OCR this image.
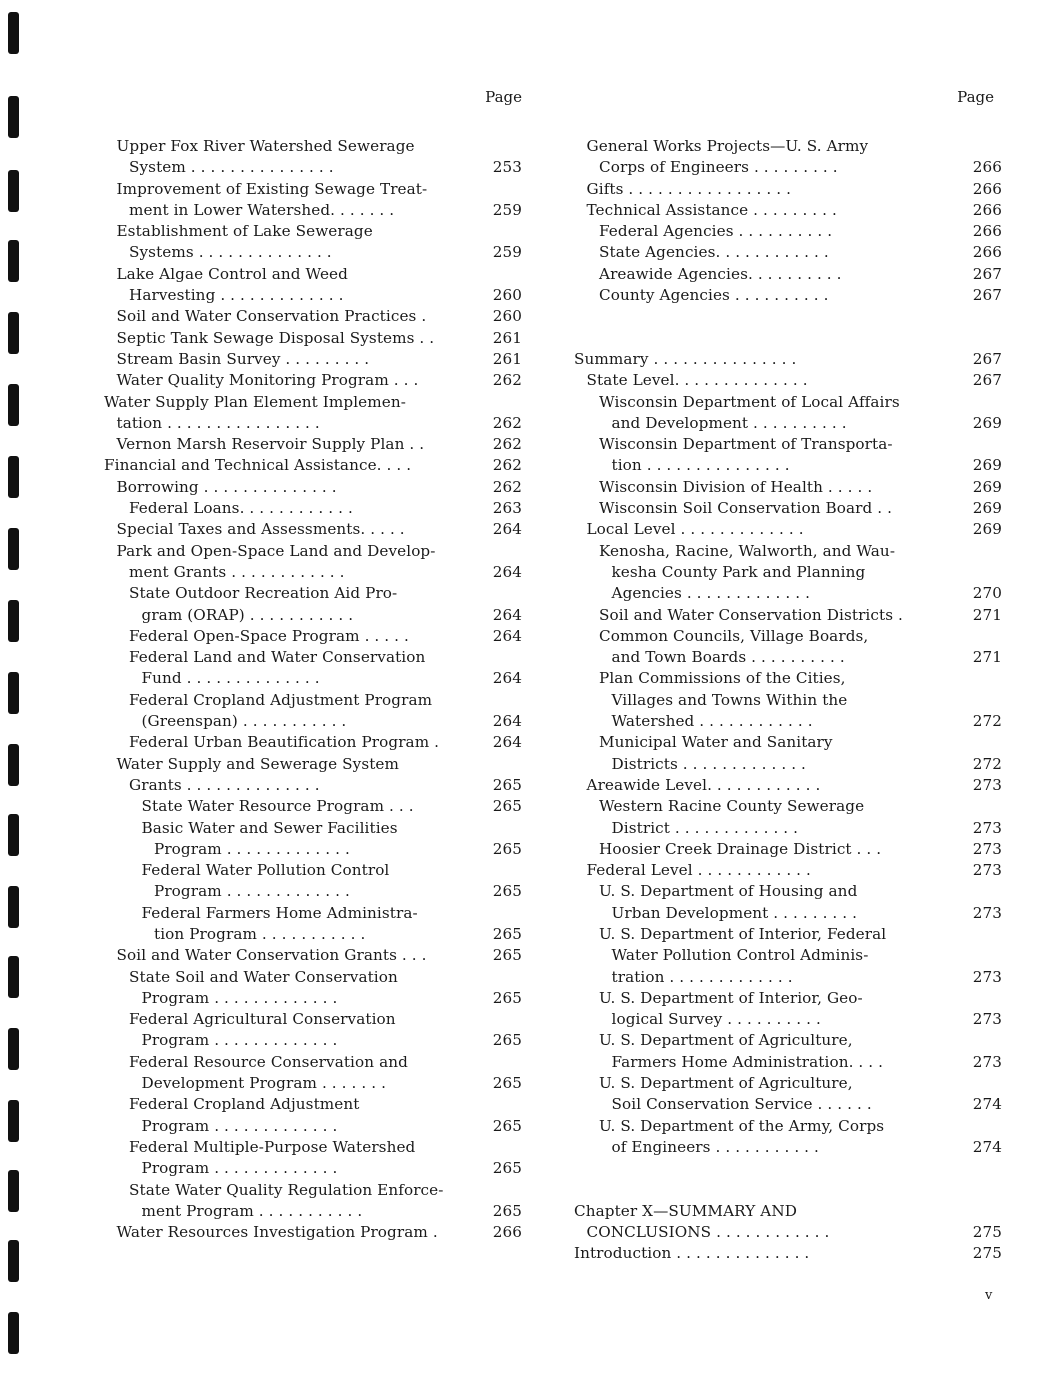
Page
Upper Fox River Watershed Sewerage
System . . . . . . . . . . . . . . .	253
Improvement of Existing Sewage Treat-
ment in Lower Watershed. . . . . . .	259
Establishment of Lake Sewerage
Systems . . . . . . . . . . . . . .	259
Lake Algae Control and Weed
Harvesting . . . . . . . . . . . . .	260
Soil and Water Conservation Practices .	260
Septic Tank Sewage Disposal Systems . .	261
Stream Basin Survey . . . . . . . . .	261
Water Quality Monitoring Program . . .	262
Water Supply Plan Element Implemen-
tation . . . . . . . . . . . . . . . .	262
Vernon Marsh Reservoir Supply Plan . .	262
Financial and Technical Assistance. . . .	262
Borrowing . . . . . . . . . . . . . .	262
Federal Loans. . . . . . . . . . . .	263
Special Taxes and Assessments. . . . .	264
Park and Open-Space Land and Develop-
ment Grants . . . . . . . . . . . .	264
State Outdoor Recreation Aid Pro-
gram (ORAP) . . . . . . . . . . .	264
Federal Open-Space Program . . . . .	264
Federal Land and Water Conservation
Fund . . . . . . . . . . . . . .	264
Federal Cropland Adjustment Program
(Greenspan) . . . . . . . . . . .	264
Federal Urban Beautification Program .	264
Water Supply and Sewerage System
Grants . . . . . . . . . . . . . .	265
State Water Resource Program . . .	265
Basic Water and Sewer Facilities
Program . . . . . . . . . . . . .	265
Federal Water Pollution Control
Program . . . . . . . . . . . . .	265
Federal Farmers Home Administra-
tion Program . . . . . . . . . . .	265
Soil and Water Conservation Grants . . .	265
State Soil and Water Conservation
Program . . . . . . . . . . . . .	265
Federal Agricultural Conservation
Program . . . . . . . . . . . . .	265
Federal Resource Conservation and
Development Program . . . . . . .	265
Federal Cropland Adjustment
Program . . . . . . . . . . . . .	265
Federal Multiple-Purpose Watershed
Program . . . . . . . . . . . . .	265
State Water Quality Regulation Enforce-
ment Program . . . . . . . . . . .	265
Water Resources Investigation Program .	266
Page
General Works Projects—U. S. Army
Corps of Engineers . . . . . . . . .	266
Gifts . . . . . . . . . . . . . . . . .	266
Technical Assistance . . . . . . . . .	266
Federal Agencies . . . . . . . . . .	266
State Agencies. . . . . . . . . . . .	266
Areawide Agencies. . . . . . . . . .	267
County Agencies . . . . . . . . . .	267
Summary . . . . . . . . . . . . . . .	267
State Level. . . . . . . . . . . . . .	267
Wisconsin Department of Local Affairs
and Development . . . . . . . . . .	269
Wisconsin Department of Transporta-
tion . . . . . . . . . . . . . . .	269
Wisconsin Division of Health . . . . .	269
Wisconsin Soil Conservation Board . .	269
Local Level . . . . . . . . . . . . .	269
Kenosha, Racine, Walworth, and Wau-
kesha County Park and Planning
Agencies . . . . . . . . . . . . .	270
Soil and Water Conservation Districts .	271
Common Councils, Village Boards,
and Town Boards . . . . . . . . . .	271
Plan Commissions of the Cities,
Villages and Towns Within the
Watershed . . . . . . . . . . . .	272
Municipal Water and Sanitary
Districts . . . . . . . . . . . . .	272
Areawide Level. . . . . . . . . . . .	273
Western Racine County Sewerage
District . . . . . . . . . . . . .	273
Hoosier Creek Drainage District . . .	273
Federal Level . . . . . . . . . . . .	273
U. S. Department of Housing and
Urban Development . . . . . . . . .	273
U. S. Department of Interior, Federal
Water Pollution Control Adminis-
tration . . . . . . . . . . . . .	273
U. S. Department of Interior, Geo-
logical Survey . . . . . . . . . .	273
U. S. Department of Agriculture,
Farmers Home Administration. . . .	273
U. S. Department of Agriculture,
Soil Conservation Service . . . . . .	274
U. S. Department of the Army, Corps
of Engineers . . . . . . . . . . .	274
Chapter X—SUMMARY AND
CONCLUSIONS . . . . . . . . . . . .	275
Introduction . . . . . . . . . . . . . .	275
v
